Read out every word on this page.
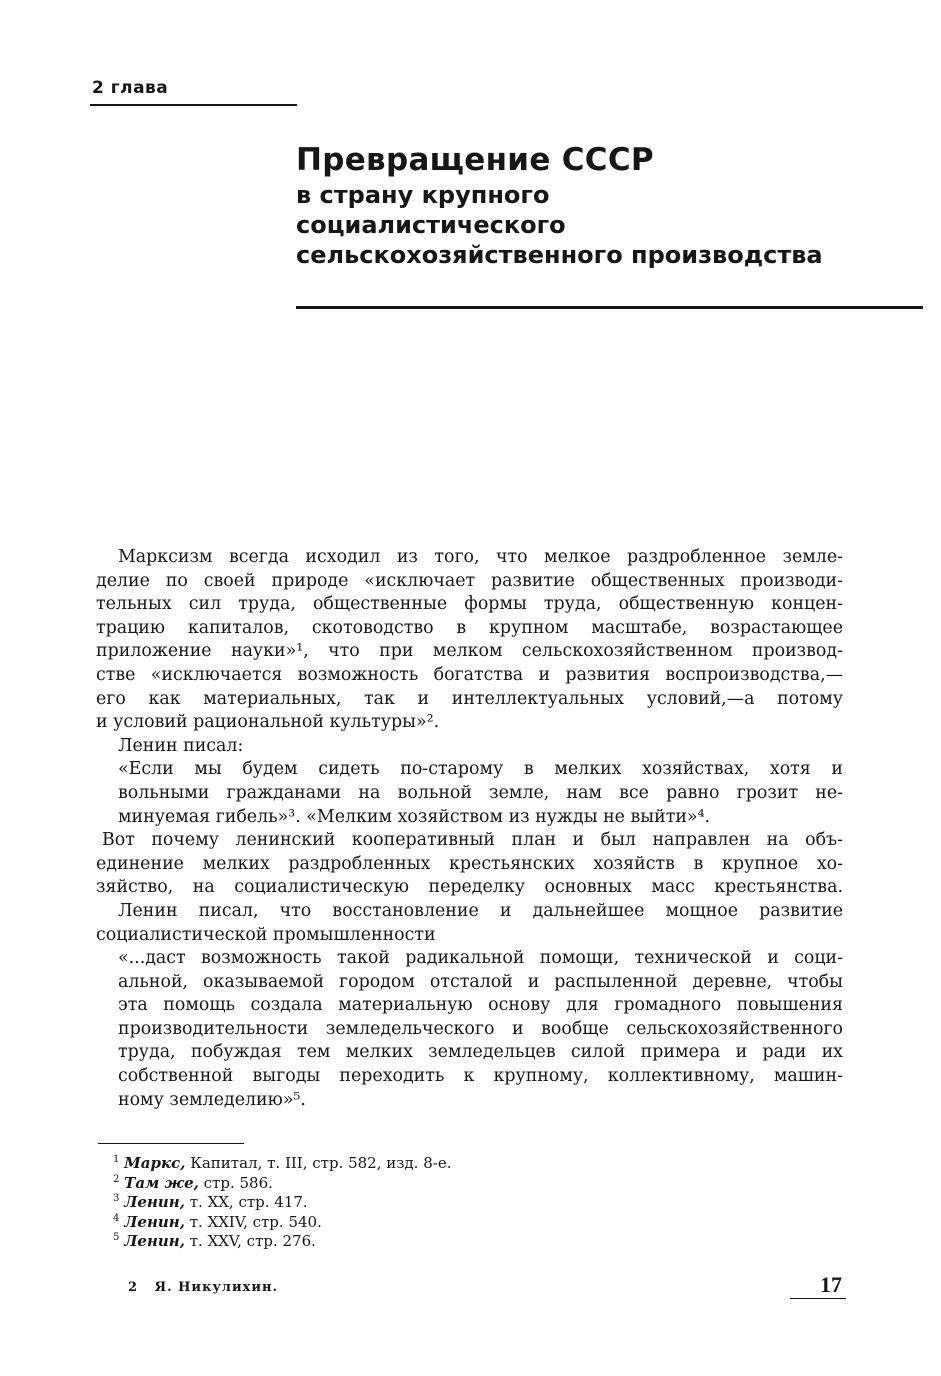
2 глава
Превращение СССР
в страну крупного
социалистического
сельскохозяйственного производства
Марксизм всегда исходил из того, что мелкое раздробленное земле-
делие по своей природе «исключает развитие общественных производи-
тельных сил труда, общественные формы труда, общественную концен-
трацию капиталов, скотоводство в крупном масштабе, возрастающее
приложение науки»¹, что при мелком сельскохозяйственном производ-
стве «исключается возможность богатства и развития воспроизводства,—
его как материальных, так и интеллектуальных условий,—а потому
и условий рациональной культуры»².
Ленин писал:
«Если мы будем сидеть по-старому в мелких хозяйствах, хотя и
вольными гражданами на вольной земле, нам все равно грозит не-
минуемая гибель»³. «Мелким хозяйством из нужды не выйти»⁴.
Вот почему ленинский кооперативный план и был направлен на объ-
единение мелких раздробленных крестьянских хозяйств в крупное хо-
зяйство, на социалистическую переделку основных масс крестьянства.
Ленин писал, что восстановление и дальнейшее мощное развитие
социалистической промышленности
«...даст возможность такой радикальной помощи, технической и соци-
альной, оказываемой городом отсталой и распыленной деревне, чтобы
эта помощь создала материальную основу для громадного повышения
производительности земледельческого и вообще сельскохозяйственного
труда, побуждая тем мелких земледельцев силой примера и ради их
собственной выгоды переходить к крупному, коллективному, машин-
ному земледелию»⁵.
$^1$ Маркс, Капитал, т. III, стр. 582, изд. 8-е.
$^2$ Там же, стр. 586.
$^3$ Ленин, т. XX, стр. 417.
$^4$ Ленин, т. XXIV, стр. 540.
$^5$ Ленин, т. XXV, стр. 276.
2   Я. Никулихин.	17
